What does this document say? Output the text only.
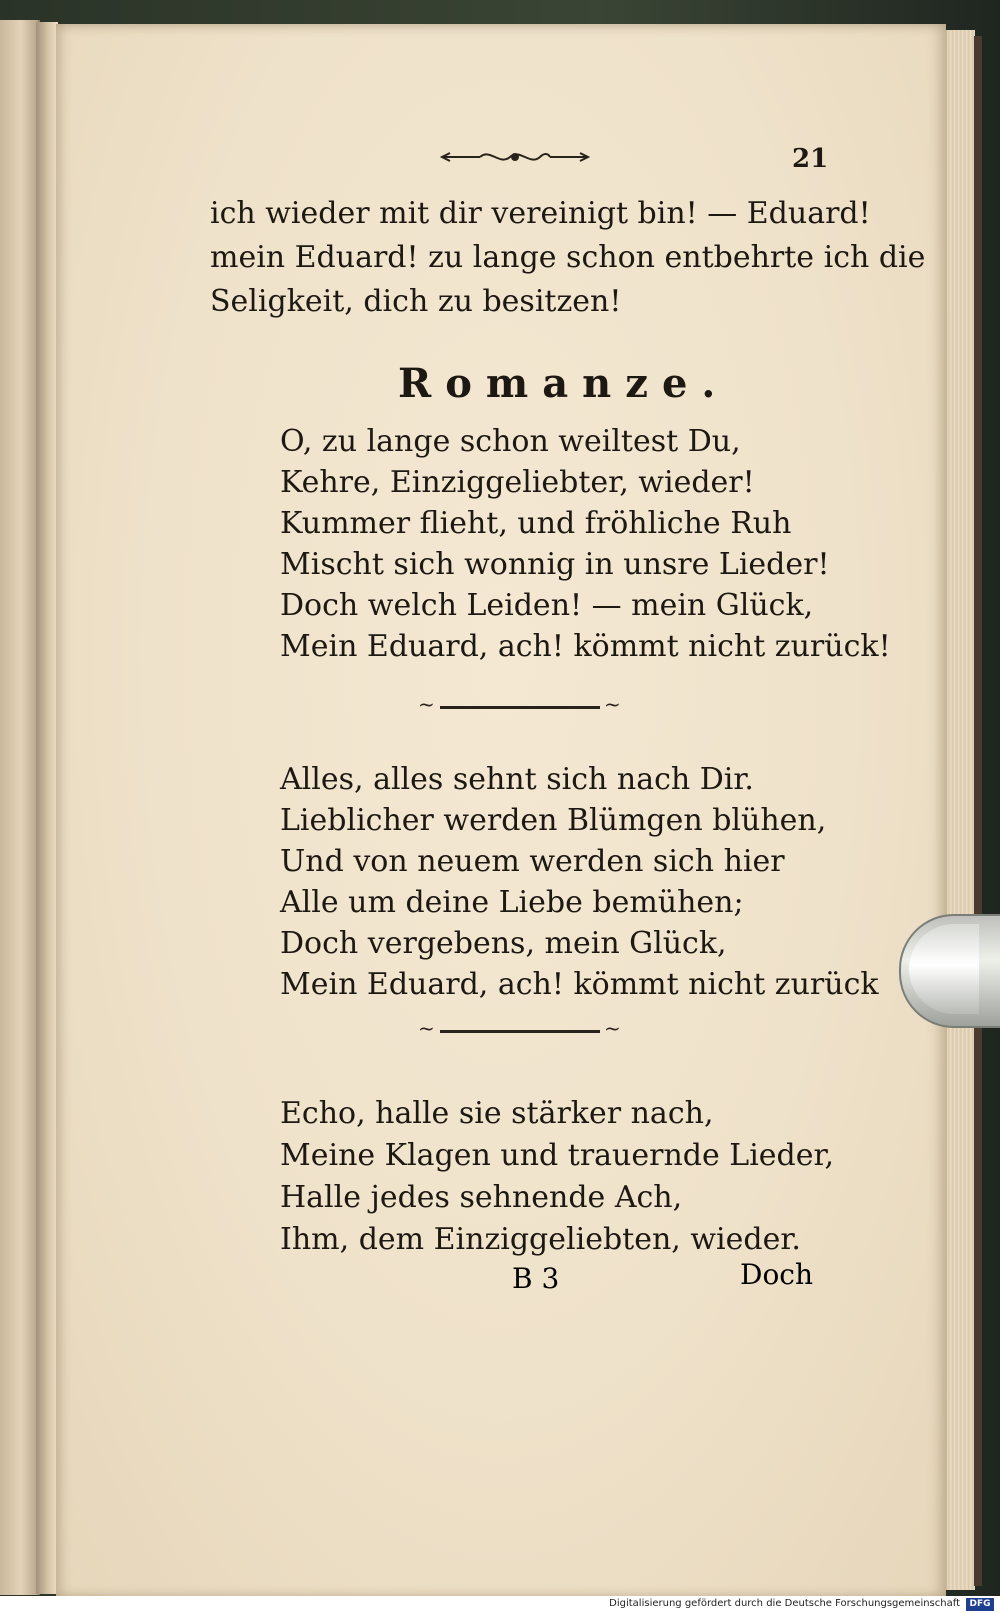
21
ich wieder mit dir vereinigt bin! — Eduard!
mein Eduard! zu lange schon entbehrte ich die
Seligkeit, dich zu besitzen!
Romanze.
O, zu lange schon weiltest Du,
Kehre, Einziggeliebter, wieder!
Kummer flieht, und fröhliche Ruh
Mischt sich wonnig in unsre Lieder!
Doch welch Leiden! — mein Glück,
Mein Eduard, ach! kömmt nicht zurück!
~	~
Alles, alles sehnt sich nach Dir.
Lieblicher werden Blümgen blühen,
Und von neuem werden sich hier
Alle um deine Liebe bemühen;
Doch vergebens, mein Glück,
Mein Eduard, ach! kömmt nicht zurück
~	~
Echo, halle sie stärker nach,
Meine Klagen und trauernde Lieder,
Halle jedes sehnende Ach,
Ihm, dem Einziggeliebten, wieder.
B 3	Doch
Digitalisierung gefördert durch die Deutsche Forschungsgemeinschaft	DFG
